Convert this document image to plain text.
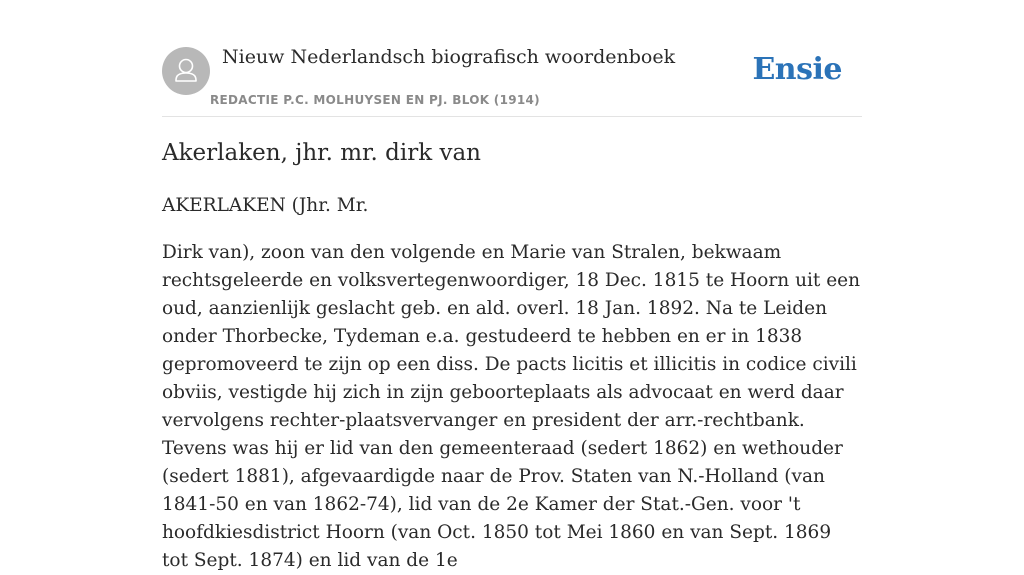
Nieuw Nederlandsch biografisch woordenboek
REDACTIE P.C. MOLHUYSEN EN PJ. BLOK (1914)
Ensie
Akerlaken, jhr. mr. dirk van

AKERLAKEN (Jhr. Mr.

Dirk van), zoon van den volgende en Marie van Stralen, bekwaam rechtsgeleerde en volksvertegenwoordiger, 18 Dec. 1815 te Hoorn uit een oud, aanzienlijk geslacht geb. en ald. overl. 18 Jan. 1892. Na te Leiden onder Thorbecke, Tydeman e.a. gestudeerd te hebben en er in 1838 gepromoveerd te zijn op een diss. De pacts licitis et illicitis in codice civili obviis, vestigde hij zich in zijn geboorteplaats als advocaat en werd daar vervolgens rechter-plaatsvervanger en president der arr.-rechtbank. Tevens was hij er lid van den gemeenteraad (sedert 1862) en wethouder (sedert 1881), afgevaardigde naar de Prov. Staten van N.-Holland (van 1841-50 en van 1862-74), lid van de 2e Kamer der Stat.-Gen. voor 't hoofdkiesdistrict Hoorn (van Oct. 1850 tot Mei 1860 en van Sept. 1869 tot Sept. 1874) en lid van de 1e
